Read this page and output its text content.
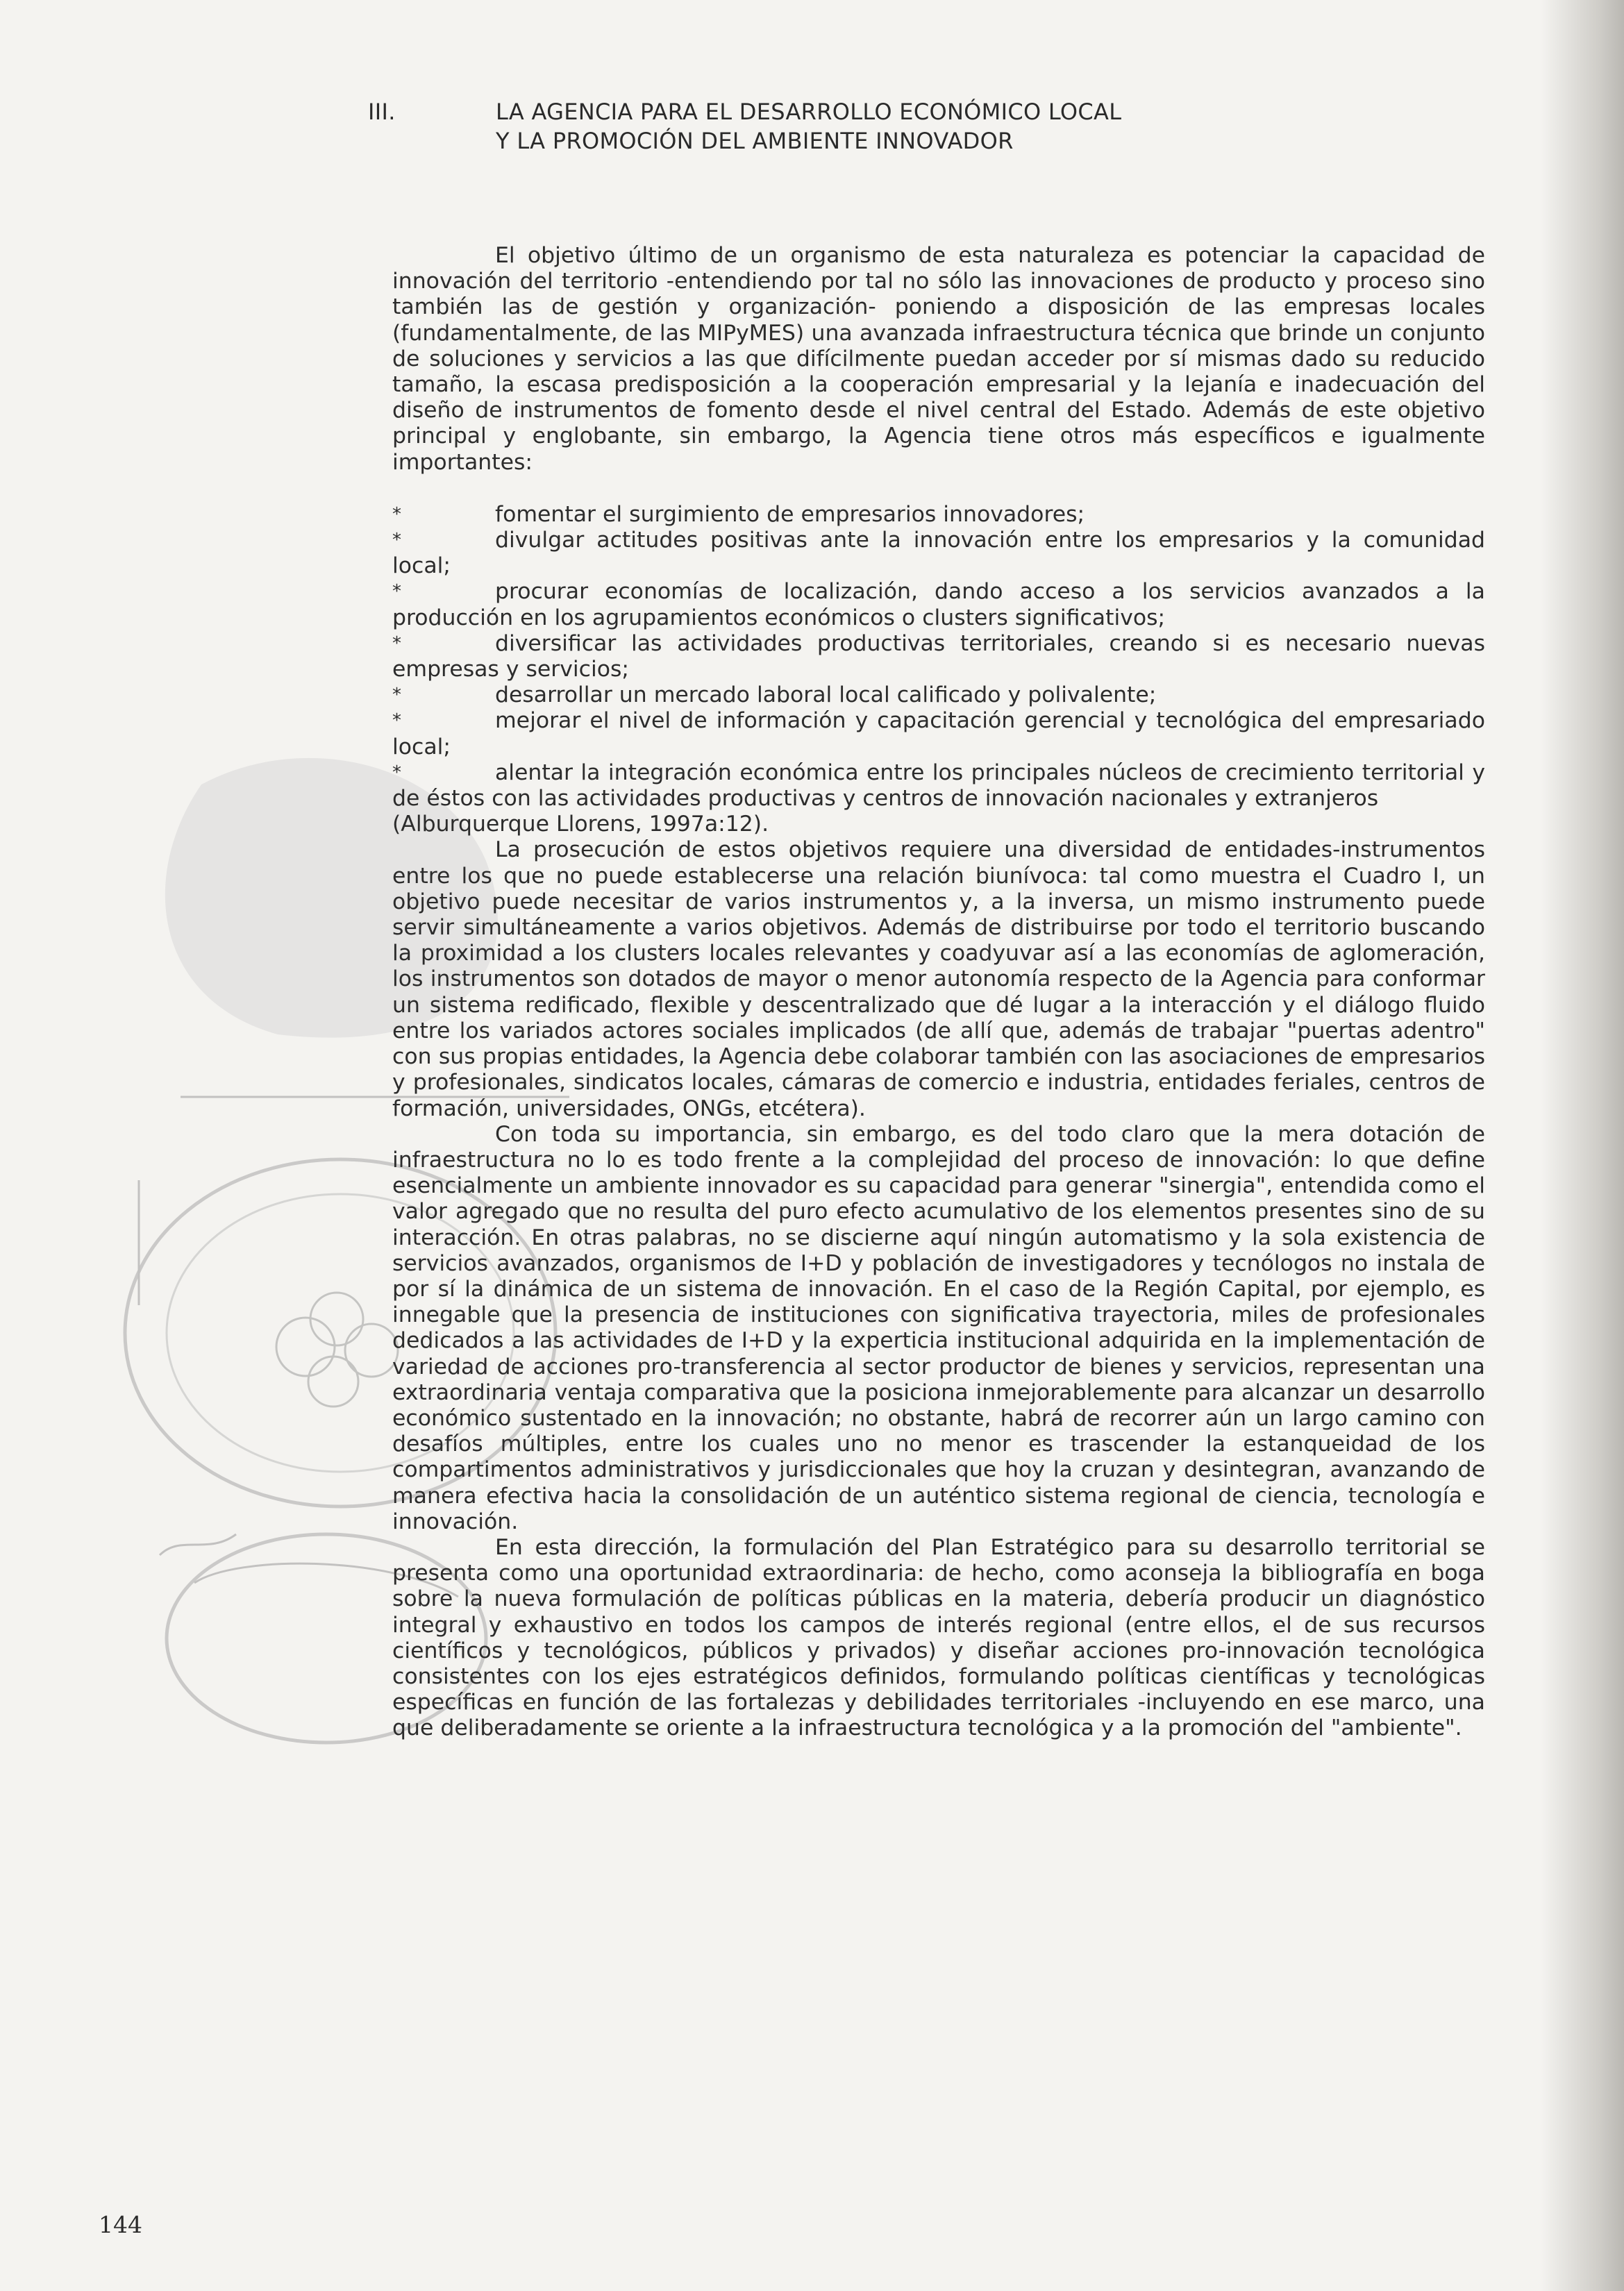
III.	LA AGENCIA PARA EL DESARROLLO ECONÓMICO LOCAL
Y LA PROMOCIÓN DEL AMBIENTE INNOVADOR

El objetivo último de un organismo de esta naturaleza es potenciar la capacidad de innovación del territorio -entendiendo por tal no sólo las innovaciones de producto y proceso sino también las de gestión y organización- poniendo a disposición de las empresas locales (fundamentalmente, de las MIPyMES) una avanzada infraestructura técnica que brinde un conjunto de soluciones y servicios a las que difícilmente puedan acceder por sí mismas dado su reducido tamaño, la escasa predisposición a la cooperación empresarial y la lejanía e inadecuación del diseño de instrumentos de fomento desde el nivel central del Estado. Además de este objetivo principal y englobante, sin embargo, la Agencia tiene otros más específicos e igualmente importantes:

* fomentar el surgimiento de empresarios innovadores;
* divulgar actitudes positivas ante la innovación entre los empresarios y la comunidad local;
* procurar economías de localización, dando acceso a los servicios avanzados a la producción en los agrupamientos económicos o clusters significativos;
* diversificar las actividades productivas territoriales, creando si es necesario nuevas empresas y servicios;
* desarrollar un mercado laboral local calificado y polivalente;
* mejorar el nivel de información y capacitación gerencial y tecnológica del empresariado local;
* alentar la integración económica entre los principales núcleos de crecimiento territorial y de éstos con las actividades productivas y centros de innovación nacionales y extranjeros

(Alburquerque Llorens, 1997a:12).

La prosecución de estos objetivos requiere una diversidad de entidades-instrumentos entre los que no puede establecerse una relación biunívoca: tal como muestra el Cuadro I, un objetivo puede necesitar de varios instrumentos y, a la inversa, un mismo instrumento puede servir simultáneamente a varios objetivos. Además de distribuirse por todo el territorio buscando la proximidad a los clusters locales relevantes y coadyuvar así a las economías de aglomeración, los instrumentos son dotados de mayor o menor autonomía respecto de la Agencia para conformar un sistema redificado, flexible y descentralizado que dé lugar a la interacción y el diálogo fluido entre los variados actores sociales implicados (de allí que, además de trabajar "puertas adentro" con sus propias entidades, la Agencia debe colaborar también con las asociaciones de empresarios y profesionales, sindicatos locales, cámaras de comercio e industria, entidades feriales, centros de formación, universidades, ONGs, etcétera).

Con toda su importancia, sin embargo, es del todo claro que la mera dotación de infraestructura no lo es todo frente a la complejidad del proceso de innovación: lo que define esencialmente un ambiente innovador es su capacidad para generar "sinergia", entendida como el valor agregado que no resulta del puro efecto acumulativo de los elementos presentes sino de su interacción. En otras palabras, no se discierne aquí ningún automatismo y la sola existencia de servicios avanzados, organismos de I+D y población de investigadores y tecnólogos no instala de por sí la dinámica de un sistema de innovación. En el caso de la Región Capital, por ejemplo, es innegable que la presencia de instituciones con significativa trayectoria, miles de profesionales dedicados a las actividades de I+D y la experticia institucional adquirida en la implementación de variedad de acciones pro-transferencia al sector productor de bienes y servicios, representan una extraordinaria ventaja comparativa que la posiciona inmejorablemente para alcanzar un desarrollo económico sustentado en la innovación; no obstante, habrá de recorrer aún un largo camino con desafíos múltiples, entre los cuales uno no menor es trascender la estanqueidad de los compartimentos administrativos y jurisdiccionales que hoy la cruzan y desintegran, avanzando de manera efectiva hacia la consolidación de un auténtico sistema regional de ciencia, tecnología e innovación.

En esta dirección, la formulación del Plan Estratégico para su desarrollo territorial se presenta como una oportunidad extraordinaria: de hecho, como aconseja la bibliografía en boga sobre la nueva formulación de políticas públicas en la materia, debería producir un diagnóstico integral y exhaustivo en todos los campos de interés regional (entre ellos, el de sus recursos científicos y tecnológicos, públicos y privados) y diseñar acciones pro-innovación tecnológica consistentes con los ejes estratégicos definidos, formulando políticas científicas y tecnológicas específicas en función de las fortalezas y debilidades territoriales -incluyendo en ese marco, una que deliberadamente se oriente a la infraestructura tecnológica y a la promoción del "ambiente".

144
